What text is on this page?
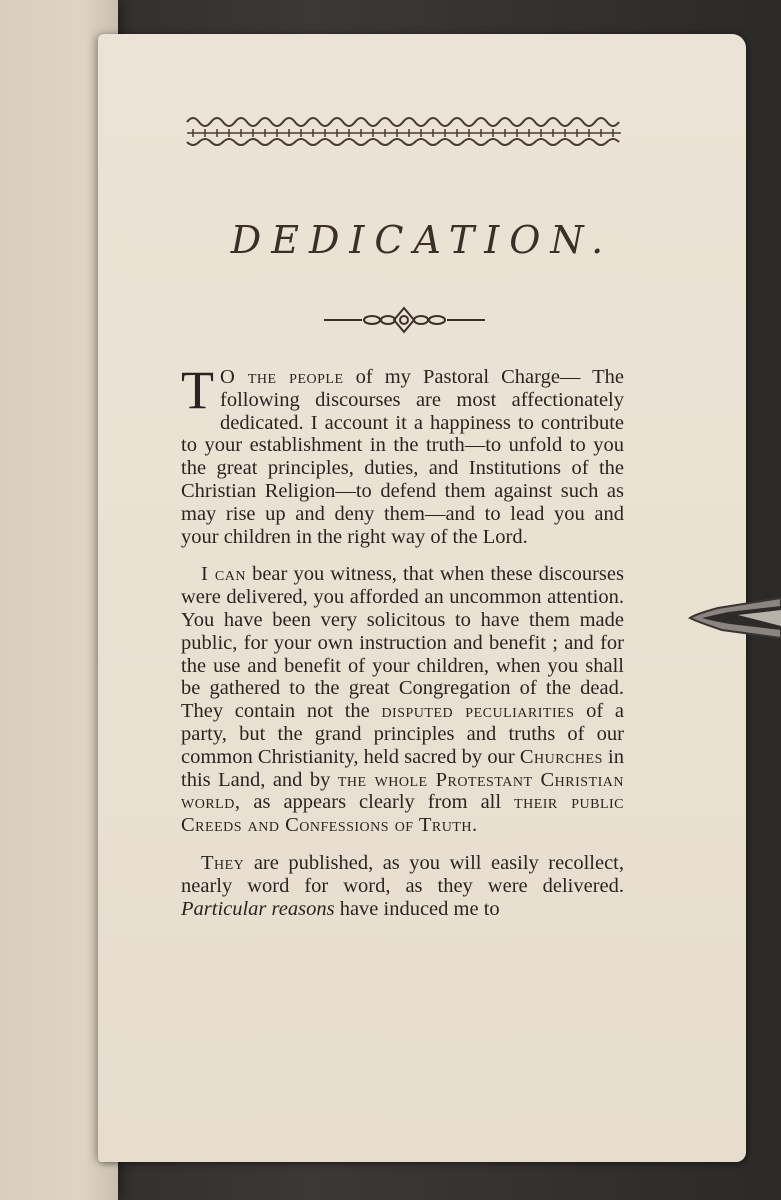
DEDICATION.

T O the people of my Pastoral Charge— The following discourses are most affectionately dedicated. I account it a happiness to contribute to your establishment in the truth—to unfold to you the great principles, duties, and Institutions of the Christian Religion—to defend them against such as may rise up and deny them—and to lead you and your children in the right way of the Lord.

I can bear you witness, that when these discourses were delivered, you afforded an uncommon attention. You have been very solicitous to have them made public, for your own instruction and benefit ; and for the use and benefit of your children, when you shall be gathered to the great Congregation of the dead. They contain not the disputed peculiarities of a party, but the grand principles and truths of our common Christianity, held sacred by our Churches in this Land, and by the whole Protestant Christian world, as appears clearly from all their public Creeds and Confessions of Truth.

They are published, as you will easily recollect, nearly word for word, as they were delivered. Particular reasons have induced me to
